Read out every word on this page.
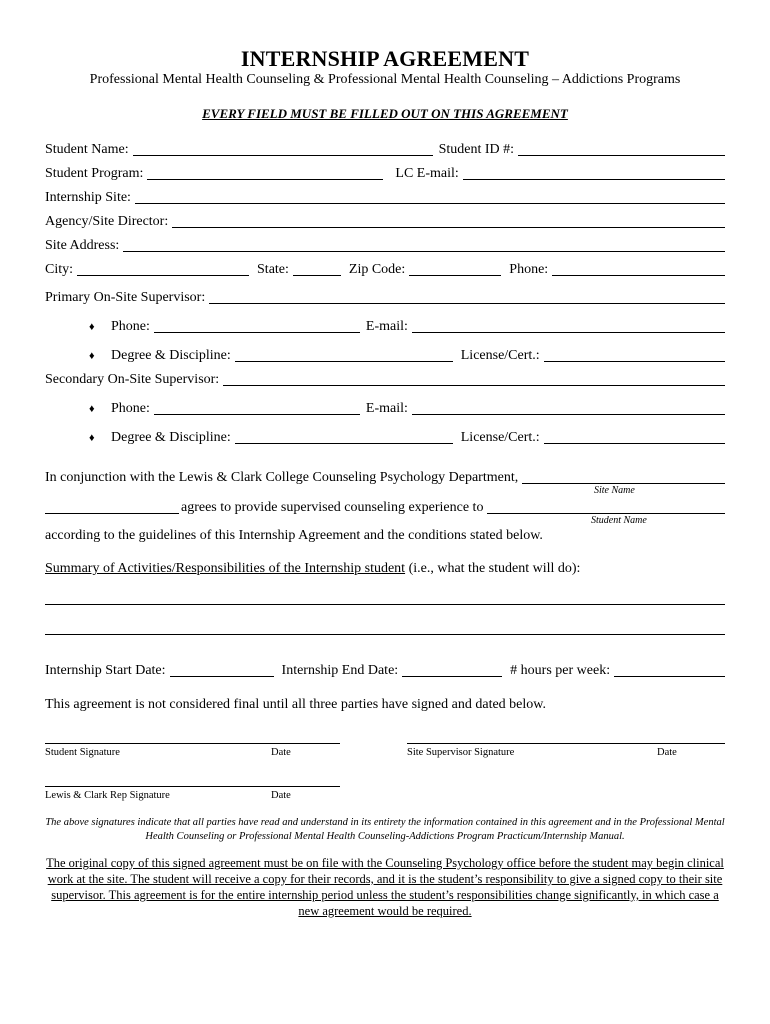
INTERNSHIP AGREEMENT
Professional Mental Health Counseling & Professional Mental Health Counseling – Addictions Programs
EVERY FIELD MUST BE FILLED OUT ON THIS AGREEMENT
Student Name:	Student ID #:
Student Program:	LC E-mail:
Internship Site:
Agency/Site Director:
Site Address:
City:	State:	Zip Code:	Phone:
Primary On-Site Supervisor:
♦	Phone:	E-mail:
♦	Degree & Discipline:	License/Cert.:
Secondary On-Site Supervisor:
♦	Phone:	E-mail:
♦	Degree & Discipline:	License/Cert.:
In conjunction with the Lewis & Clark College Counseling Psychology Department,
Site Name
agrees to provide supervised counseling experience to
Student Name
according to the guidelines of this Internship Agreement and the conditions stated below.
Summary of Activities/Responsibilities of the Internship student (i.e., what the student will do):
Internship Start Date:	Internship End Date:	# hours per week:
This agreement is not considered final until all three parties have signed and dated below.
Student Signature	Date	Site Supervisor Signature	Date
Lewis & Clark Rep Signature	Date
The above signatures indicate that all parties have read and understand in its entirety the information contained in this agreement and in the Professional Mental Health Counseling or Professional Mental Health Counseling-Addictions Program Practicum/Internship Manual.
The original copy of this signed agreement must be on file with the Counseling Psychology office before the student may begin clinical work at the site. The student will receive a copy for their records, and it is the student’s responsibility to give a signed copy to their site supervisor. This agreement is for the entire internship period unless the student’s responsibilities change significantly, in which case a new agreement would be required.
